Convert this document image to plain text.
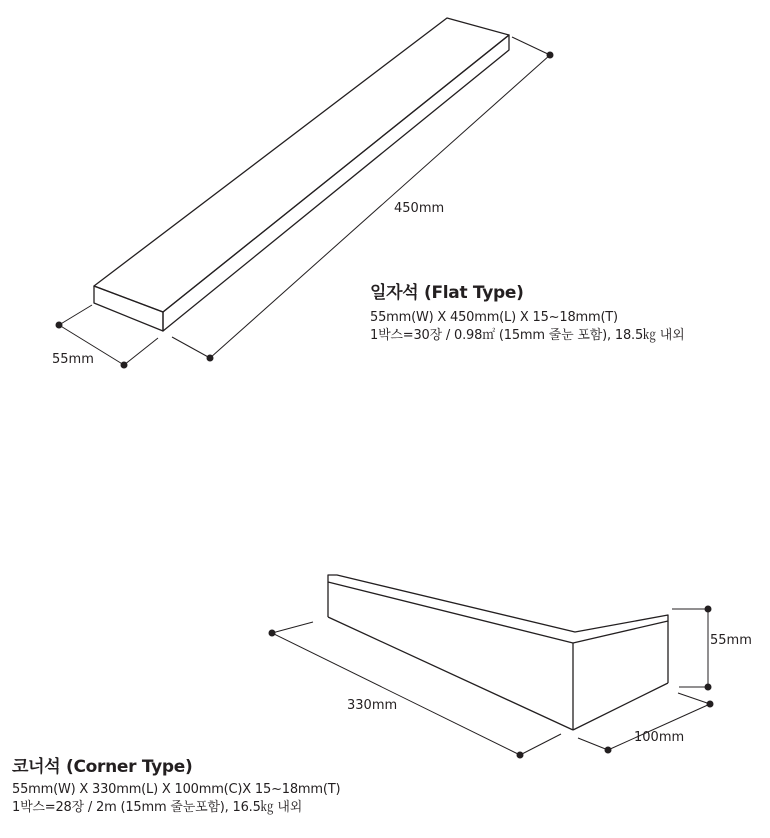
450mm
55mm
330mm
55mm
100mm
일자석 (Flat Type)
55mm(W) X 450mm(L) X 15~18mm(T)
1박스=30장 / 0.98㎡ (15mm 줄눈 포함), 18.5㎏ 내외
코너석 (Corner Type)
55mm(W) X 330mm(L) X 100mm(C)X 15~18mm(T)
1박스=28장 / 2m (15mm 줄눈포함), 16.5㎏ 내외
